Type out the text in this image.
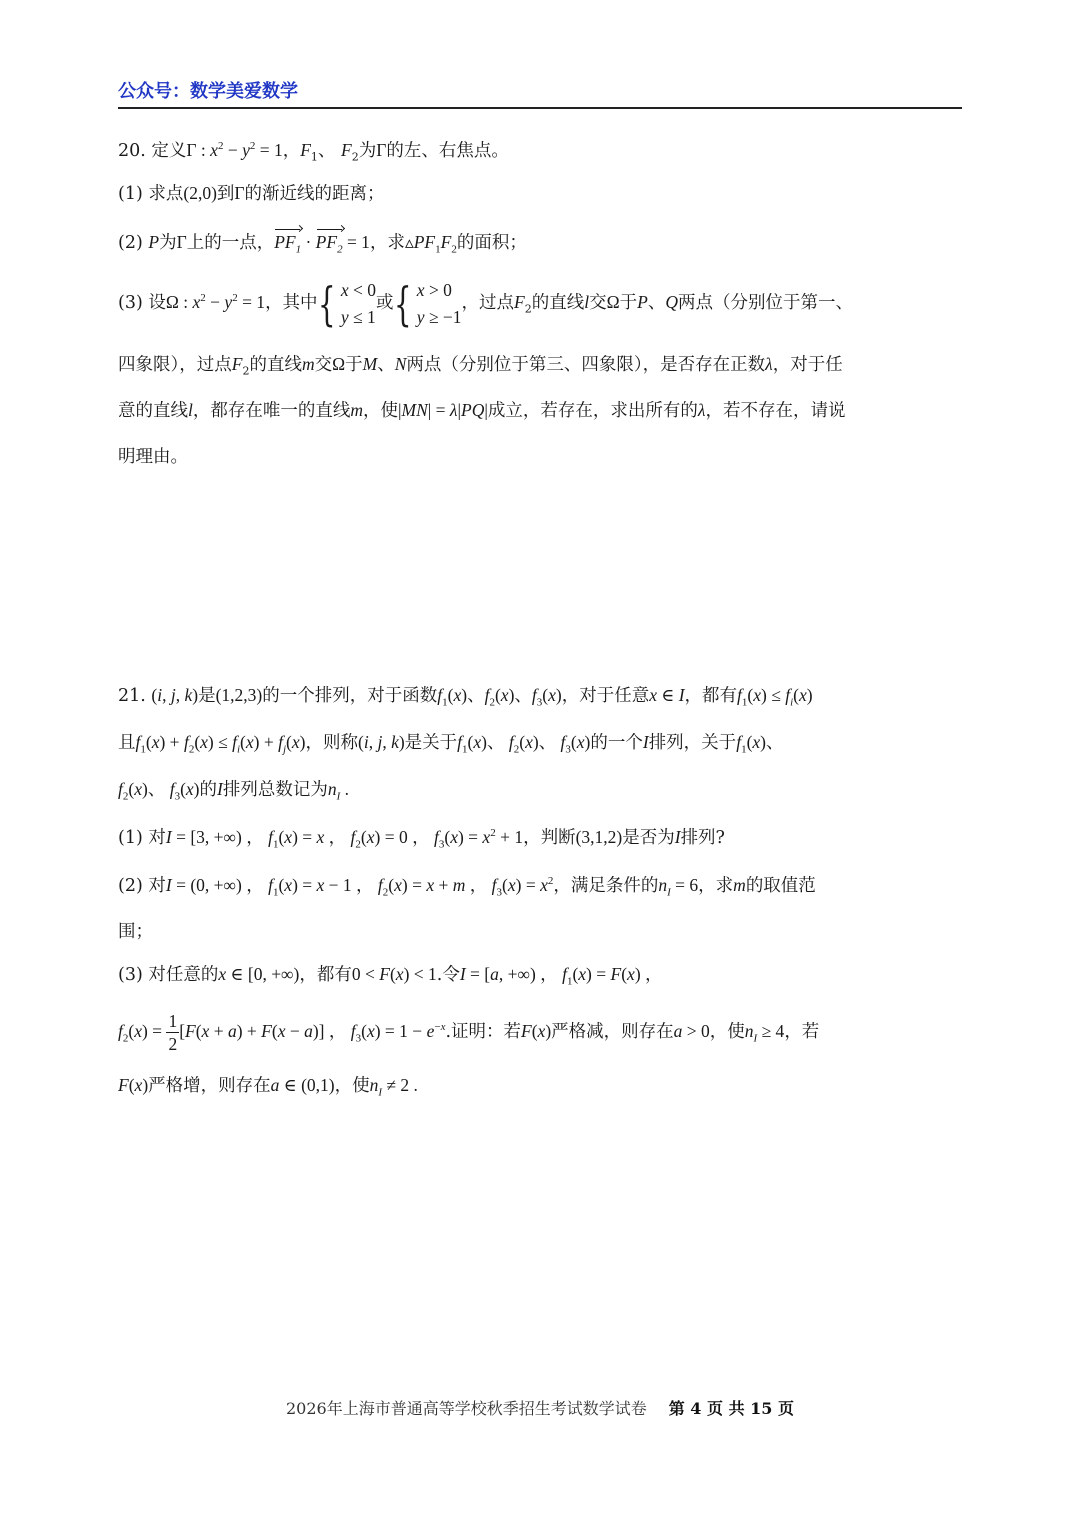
公众号：数学美爱数学
20. 定义Γ : $x^2 - y^2 = 1$，$F_1$、 $F_2$为Γ的左、右焦点。
(1) 求点(2,0)到Γ的渐近线的距离；
(2) P为Γ上的一点，$PF_1 \cdot PF_2 = 1$，求$▵PF_1F_2$的面积；
(3) 设Ω : $x^2 - y^2 = 1$，其中{ x < 0
y ≤ 1或{ x > 0
y ≥ −1，过点$F_2$的直线l交Ω于P、Q两点（分别位于第一、
四象限），过点$F_2$的直线m交Ω于M、N两点（分别位于第三、四象限），是否存在正数λ，对于任
意的直线l，都存在唯一的直线m，使|MN| = λ|PQ|成立，若存在，求出所有的λ，若不存在，请说
明理由。
21. (i, j, k)是(1,2,3)的一个排列，对于函数$f_1(x)$、$f_2(x)$、$f_3(x)$，对于任意x ∈ I，都有$f_1(x) \le f_i(x)$
且$f_1(x) + f_2(x) \le f_i(x) + f_j(x)$，则称(i, j, k)是关于$f_1(x)$、 $f_2(x)$、 $f_3(x)$的一个I排列，关于$f_1(x)$、
$f_2(x)$、 $f_3(x)$的I排列总数记为$n_I$ .
(1) 对I = [3, +∞) ， $f_1(x) = x$ ， $f_2(x) = 0$ ， $f_3(x) = x^2 + 1$，判断(3,1,2)是否为I排列?
(2) 对I = (0, +∞) ， $f_1(x) = x - 1$ ， $f_2(x) = x + m$ ， $f_3(x) = x^2$，满足条件的$n_I = 6$，求m的取值范
围；
(3) 对任意的x ∈ [0, +∞)，都有0 < F(x) < 1.令I = [a, +∞) ， $f_1(x) = F(x)$ ，
$f_2(x) = \frac{1}{2} [F(x + a) + F(x - a)]$ ， $f_3(x) = 1 - e^{-x}$.证明：若F(x)严格减，则存在a > 0，使$n_I \ge 4$，若
F(x)严格增，则存在a ∈ (0,1)，使$n_I \ne 2$ .
2026年上海市普通高等学校秋季招生考试数学试卷 第 4 页 共 15 页
